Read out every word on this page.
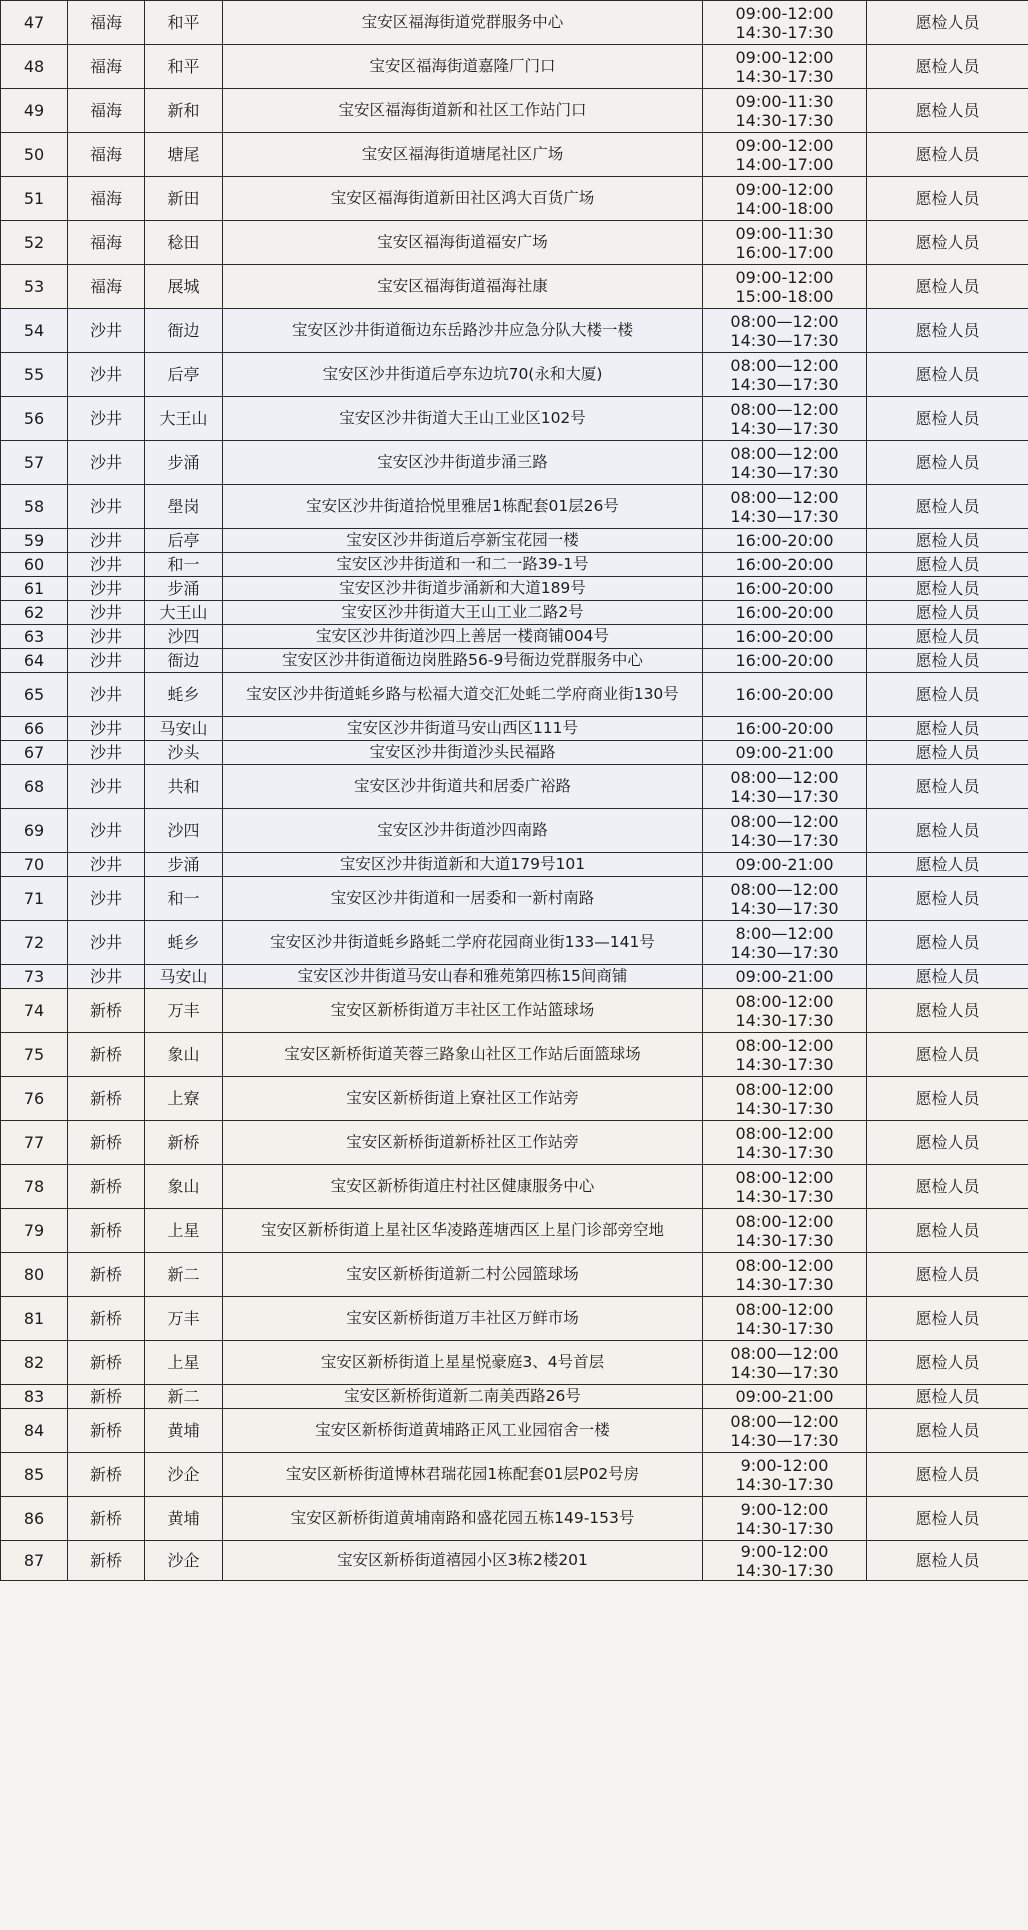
47	福海	和平	宝安区福海街道党群服务中心	09:00-12:00
14:30-17:30	愿检人员
48	福海	和平	宝安区福海街道嘉隆厂门口	09:00-12:00
14:30-17:30	愿检人员
49	福海	新和	宝安区福海街道新和社区工作站门口	09:00-11:30
14:30-17:30	愿检人员
50	福海	塘尾	宝安区福海街道塘尾社区广场	09:00-12:00
14:00-17:00	愿检人员
51	福海	新田	宝安区福海街道新田社区鸿大百货广场	09:00-12:00
14:00-18:00	愿检人员
52	福海	稔田	宝安区福海街道福安广场	09:00-11:30
16:00-17:00	愿检人员
53	福海	展城	宝安区福海街道福海社康	09:00-12:00
15:00-18:00	愿检人员
54	沙井	衙边	宝安区沙井街道衙边东岳路沙井应急分队大楼一楼	08:00—12:00
14:30—17:30	愿检人员
55	沙井	后亭	宝安区沙井街道后亭东边坑70(永和大厦)	08:00—12:00
14:30—17:30	愿检人员
56	沙井	大王山	宝安区沙井街道大王山工业区102号	08:00—12:00
14:30—17:30	愿检人员
57	沙井	步涌	宝安区沙井街道步涌三路	08:00—12:00
14:30—17:30	愿检人员
58	沙井	壆岗	宝安区沙井街道拾悦里雅居1栋配套01层26号	08:00—12:00
14:30—17:30	愿检人员
59	沙井	后亭	宝安区沙井街道后亭新宝花园一楼	16:00-20:00	愿检人员
60	沙井	和一	宝安区沙井街道和一和二一路39-1号	16:00-20:00	愿检人员
61	沙井	步涌	宝安区沙井街道步涌新和大道189号	16:00-20:00	愿检人员
62	沙井	大王山	宝安区沙井街道大王山工业二路2号	16:00-20:00	愿检人员
63	沙井	沙四	宝安区沙井街道沙四上善居一楼商铺004号	16:00-20:00	愿检人员
64	沙井	衙边	宝安区沙井街道衙边岗胜路56-9号衙边党群服务中心	16:00-20:00	愿检人员
65	沙井	蚝乡	宝安区沙井街道蚝乡路与松福大道交汇处蚝二学府商业街130号	16:00-20:00	愿检人员
66	沙井	马安山	宝安区沙井街道马安山西区111号	16:00-20:00	愿检人员
67	沙井	沙头	宝安区沙井街道沙头民福路	09:00-21:00	愿检人员
68	沙井	共和	宝安区沙井街道共和居委广裕路	08:00—12:00
14:30—17:30	愿检人员
69	沙井	沙四	宝安区沙井街道沙四南路	08:00—12:00
14:30—17:30	愿检人员
70	沙井	步涌	宝安区沙井街道新和大道179号101	09:00-21:00	愿检人员
71	沙井	和一	宝安区沙井街道和一居委和一新村南路	08:00—12:00
14:30—17:30	愿检人员
72	沙井	蚝乡	宝安区沙井街道蚝乡路蚝二学府花园商业街133—141号	8:00—12:00
14:30—17:30	愿检人员
73	沙井	马安山	宝安区沙井街道马安山春和雅苑第四栋15间商铺	09:00-21:00	愿检人员
74	新桥	万丰	宝安区新桥街道万丰社区工作站篮球场	08:00-12:00
14:30-17:30	愿检人员
75	新桥	象山	宝安区新桥街道芙蓉三路象山社区工作站后面篮球场	08:00-12:00
14:30-17:30	愿检人员
76	新桥	上寮	宝安区新桥街道上寮社区工作站旁	08:00-12:00
14:30-17:30	愿检人员
77	新桥	新桥	宝安区新桥街道新桥社区工作站旁	08:00-12:00
14:30-17:30	愿检人员
78	新桥	象山	宝安区新桥街道庄村社区健康服务中心	08:00-12:00
14:30-17:30	愿检人员
79	新桥	上星	宝安区新桥街道上星社区华凌路莲塘西区上星门诊部旁空地	08:00-12:00
14:30-17:30	愿检人员
80	新桥	新二	宝安区新桥街道新二村公园篮球场	08:00-12:00
14:30-17:30	愿检人员
81	新桥	万丰	宝安区新桥街道万丰社区万鲜市场	08:00-12:00
14:30-17:30	愿检人员
82	新桥	上星	宝安区新桥街道上星星悦豪庭3、4号首层	08:00—12:00
14:30—17:30	愿检人员
83	新桥	新二	宝安区新桥街道新二南美西路26号	09:00-21:00	愿检人员
84	新桥	黄埔	宝安区新桥街道黄埔路正风工业园宿舍一楼	08:00—12:00
14:30—17:30	愿检人员
85	新桥	沙企	宝安区新桥街道博林君瑞花园1栋配套01层P02号房	9:00-12:00
14:30-17:30	愿检人员
86	新桥	黄埔	宝安区新桥街道黄埔南路和盛花园五栋149-153号	9:00-12:00
14:30-17:30	愿检人员
87	新桥	沙企	宝安区新桥街道禧园小区3栋2楼201	9:00-12:00
14:30-17:30	愿检人员
